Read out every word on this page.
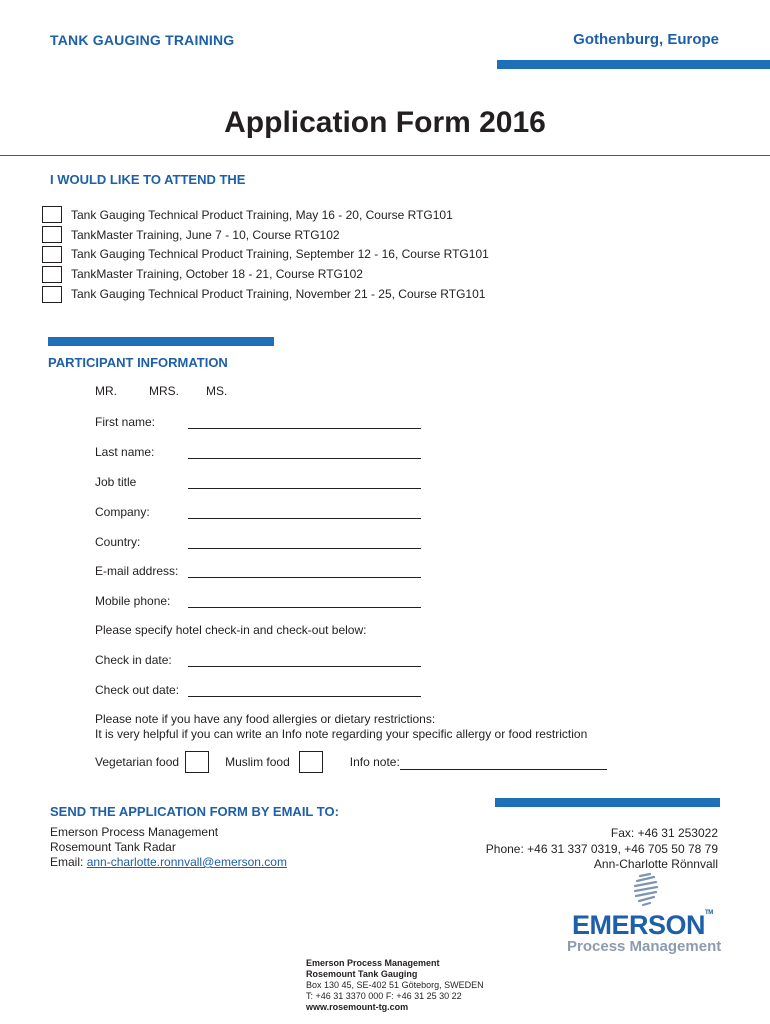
TANK GAUGING TRAINING	Gothenburg, Europe
Application Form 2016
I WOULD LIKE TO ATTEND THE
Tank Gauging Technical Product Training, May 16 - 20, Course RTG101
TankMaster Training, June 7 - 10, Course RTG102
Tank Gauging Technical Product Training, September 12 - 16, Course RTG101
TankMaster Training, October 18 - 21, Course RTG102
Tank Gauging Technical Product Training, November 21 - 25, Course RTG101
PARTICIPANT INFORMATION
MR.	MRS.	MS.
First name:
Last name:
Job title
Company:
Country:
E-mail address:
Mobile phone:
Please specify hotel check-in and check-out below:
Check in date:
Check out date:
Please note if you have any food allergies or dietary restrictions:
It is very helpful if you can write an Info note regarding your specific allergy or food restriction
Vegetarian food	Muslim food	Info note:
SEND THE APPLICATION FORM BY EMAIL TO:
Emerson Process Management
Rosemount Tank Radar
Email: ann-charlotte.ronnvall@emerson.com
Fax: +46 31 253022
Phone: +46 31 337 0319, +46 705 50 78 79
Ann-Charlotte Rönnvall
EMERSON™
Process Management
Emerson Process Management
Rosemount Tank Gauging
Box 130 45, SE-402 51 Göteborg, SWEDEN
T: +46 31 3370 000 F: +46 31 25 30 22
www.rosemount-tg.com
